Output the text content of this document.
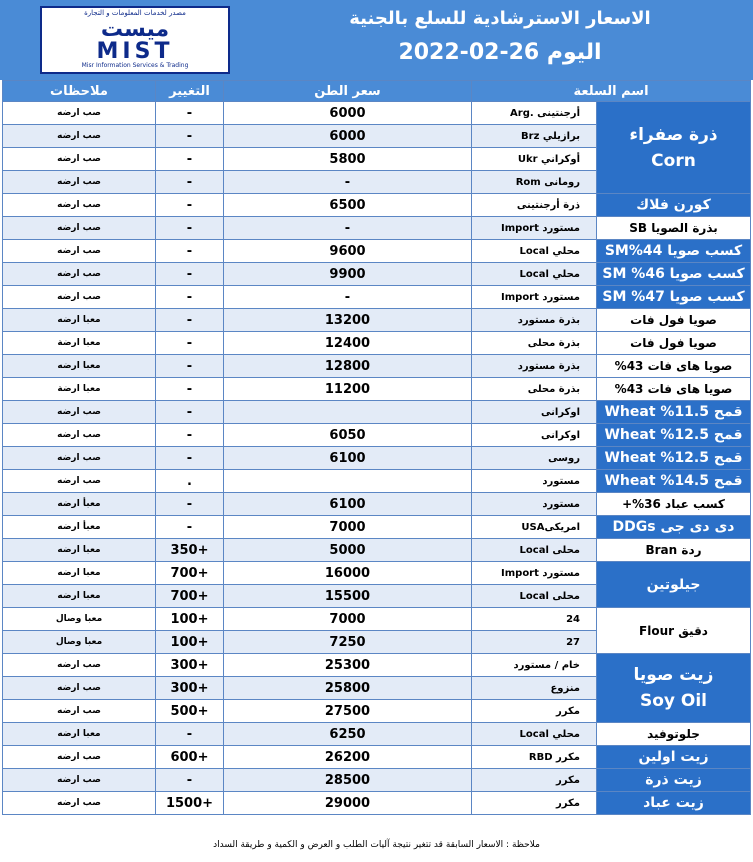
مصدر لخدمات المعلومات و التجارة
ميست
MIST
Misr Information Services & Trading
الاسعار الاسترشادية للسلع بالجنية
اليوم 26-02-2022
ملاحظات	التغيير	سعر الطن	اسم السلعة	
صب ارضه	-	6000	أرجنتينى .Arg	ذرة صفراء
Corn

صب ارضه	-	6000	برازيلي Brz	
صب ارضه	-	5800	أوكراني Ukr	
صب ارضه	-	-	رومانى Rom	
صب ارضه	-	6500	ذرة أرجنتينى	كورن فلاك
صب ارضه	-	-	مستورد Import	بذرة الصويا SB
صب ارضه	-	9600	محلي Local	كسب صويا 44%SM
صب ارضه	-	9900	محلي Local	كسب صويا 46% SM
صب ارضه	-	-	مستورد Import	كسب صويا 47% SM
معبا ارضه	-	13200	بذرة مستورد	صويا فول فات
معبا ارضة	-	12400	بذرة محلى	صويا فول فات
معبا ارضه	-	12800	بذرة مستورد	صويا هاى فات 43%
معبا ارضة	-	11200	بذرة محلى	صويا هاى فات 43%
صب ارضه	-		اوكرانى	قمح 11.5% Wheat
صب ارضه	-	6050	اوكرانى	قمح 12.5% Wheat
صب ارضه	-	6100	روسى	قمح 12.5% Wheat
صب ارضه	.		مستورد	قمح 14.5% Wheat
معبأ ارضه	-	6100	مستورد	كسب عباد 36%+
معبأ ارضه	-	7000	امريكىUSA	دى دى جى DDGs
معبا ارضه	+350	5000	محلى Local	ردة Bran
معبا ارضه	+700	16000	مستورد Import	جيلوتين
معبا ارضه	+700	15500	محلى Local	
معبا وصال	+100	7000	24	دقيق Flour
معبا وصال	+100	7250	27	
صب ارضه	+300	25300	خام / مستورد	زيت صويا
Soy Oil

صب ارضه	+300	25800	منزوع	
صب ارضه	+500	27500	مكرر	
معبا ارضه	-	6250	محلي Local	جلوتوفيد
صب ارضه	+600	26200	مكرر RBD	زيت اولين
صب ارضه	-	28500	مكرر	زيت ذرة
صب ارضه	+1500	29000	مكرر	زيت عباد
ملاحظة : الاسعار السابقة قد تتغير نتيجة آليات الطلب و العرض و الكمية و طريقة السداد
